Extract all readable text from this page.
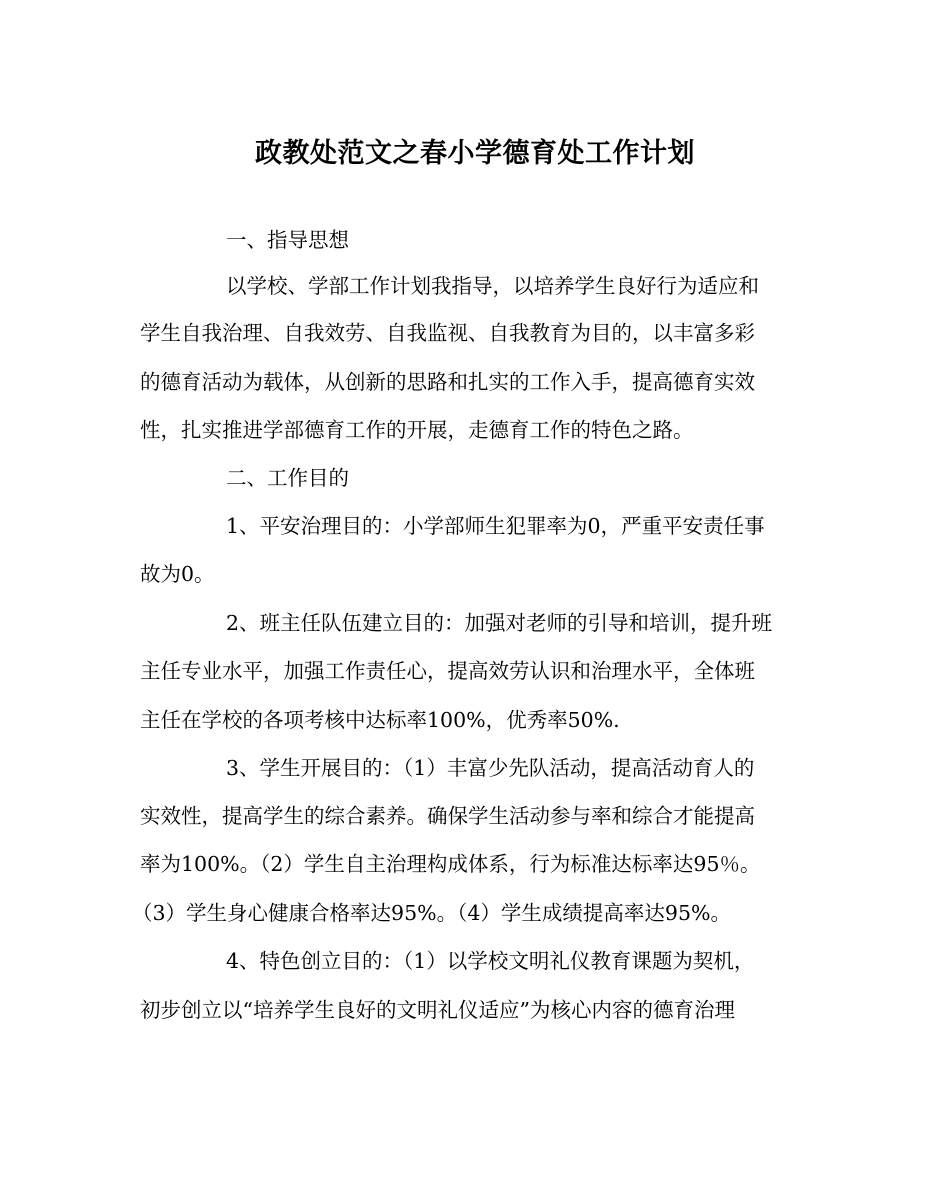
政教处范文之春小学德育处工作计划
一、指导思想
以学校、学部工作计划我指导，以培养学生良好行为适应和
学生自我治理、自我效劳、自我监视、自我教育为目的，以丰富多彩
的德育活动为载体，从创新的思路和扎实的工作入手，提高德育实效
性，扎实推进学部德育工作的开展，走德育工作的特色之路。
二、工作目的
1、平安治理目的：小学部师生犯罪率为0，严重平安责任事
故为0。
2、班主任队伍建立目的：加强对老师的引导和培训，提升班
主任专业水平，加强工作责任心，提高效劳认识和治理水平，全体班
主任在学校的各项考核中达标率100%，优秀率50%.
3、学生开展目的：（1）丰富少先队活动，提高活动育人的
实效性，提高学生的综合素养。确保学生活动参与率和综合才能提高
率为100%。（2）学生自主治理构成体系，行为标准达标率达95％。
（3）学生身心健康合格率达95%。（4）学生成绩提高率达95%。
4、特色创立目的：（1）以学校文明礼仪教育课题为契机，
初步创立以“培养学生良好的文明礼仪适应”为核心内容的德育治理
